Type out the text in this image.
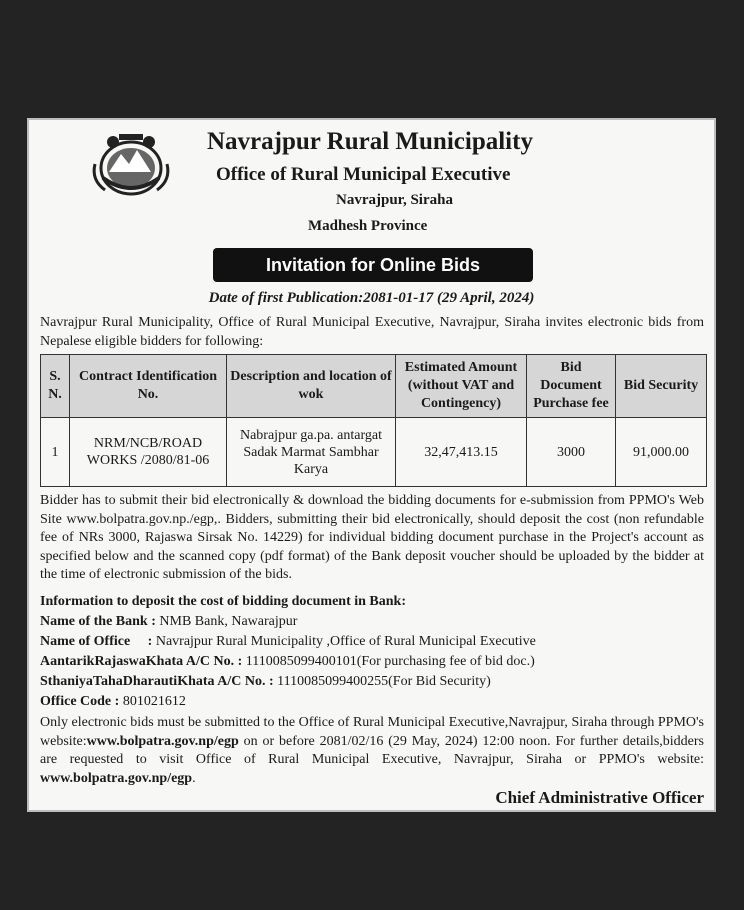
Navrajpur Rural Municipality
Office of Rural Municipal Executive
Navrajpur, Siraha
Madhesh Province
Invitation for Online Bids
Date of first Publication:2081-01-17 (29 April, 2024)
Navrajpur Rural Municipality, Office of Rural Municipal Executive, Navrajpur, Siraha invites electronic bids from Nepalese eligible bidders for following:
S. N.	Contract Identification No.	Description and location of wok	Estimated Amount (without VAT and Contingency)	Bid Document Purchase fee	Bid Security
1	NRM/NCB/ROAD WORKS /2080/81-06	Nabrajpur ga.pa. antargat Sadak Marmat Sambhar Karya	32,47,413.15	3000	91,000.00
Bidder has to submit their bid electronically & download the bidding documents for e-submission from PPMO's Web Site www.bolpatra.gov.np./egp,. Bidders, submitting their bid electronically, should deposit the cost (non refundable fee of NRs 3000, Rajaswa Sirsak No. 14229) for individual bidding document purchase in the Project's account as specified below and the scanned copy (pdf format) of the Bank deposit voucher should be uploaded by the bidder at the time of electronic submission of the bids.
Information to deposit the cost of bidding document in Bank:
Name of the Bank : NMB Bank, Nawarajpur
Name of Office     : Navrajpur Rural Municipality ,Office of Rural Municipal Executive
AantarikRajaswaKhata A/C No. : 1110085099400101(For purchasing fee of bid doc.)
SthaniyaTahaDharautiKhata A/C No. : 1110085099400255(For Bid Security)
Office Code : 801021612
Only electronic bids must be submitted to the Office of Rural Municipal Executive,Navrajpur, Siraha through PPMO's website:www.bolpatra.gov.np/egp on or before 2081/02/16 (29 May, 2024) 12:00 noon. For further details,bidders are requested to visit Office of Rural Municipal Executive, Navrajpur, Siraha or PPMO's website: www.bolpatra.gov.np/egp.
Chief Administrative Officer
